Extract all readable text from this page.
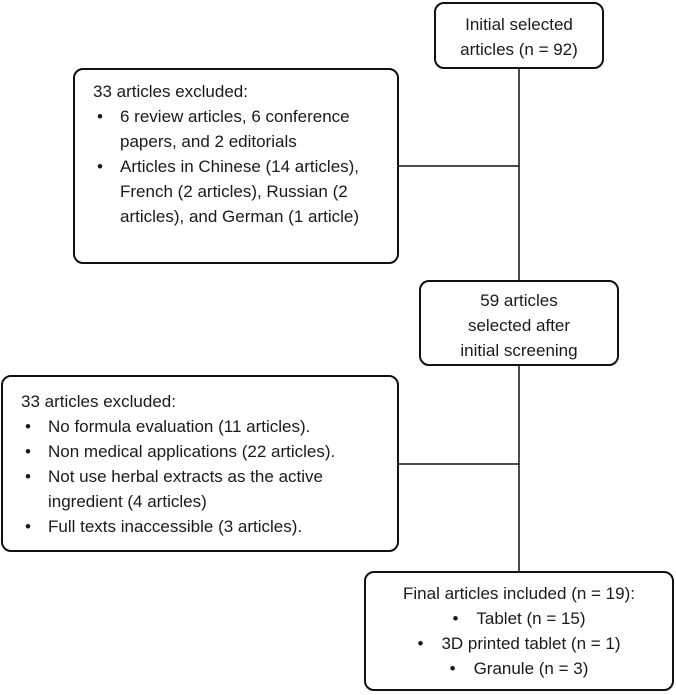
Initial selected articles (n = 92)
33 articles excluded:
• 6 review articles, 6 conference papers, and 2 editorials
• Articles in Chinese (14 articles), French (2 articles), Russian (2 articles), and German (1 article)
59 articles selected after initial screening
33 articles excluded:
• No formula evaluation (11 articles).
• Non medical applications (22 articles).
• Not use herbal extracts as the active ingredient (4 articles)
• Full texts inaccessible (3 articles).
Final articles included (n = 19):
• Tablet (n = 15)
• 3D printed tablet (n = 1)
• Granule (n = 3)
